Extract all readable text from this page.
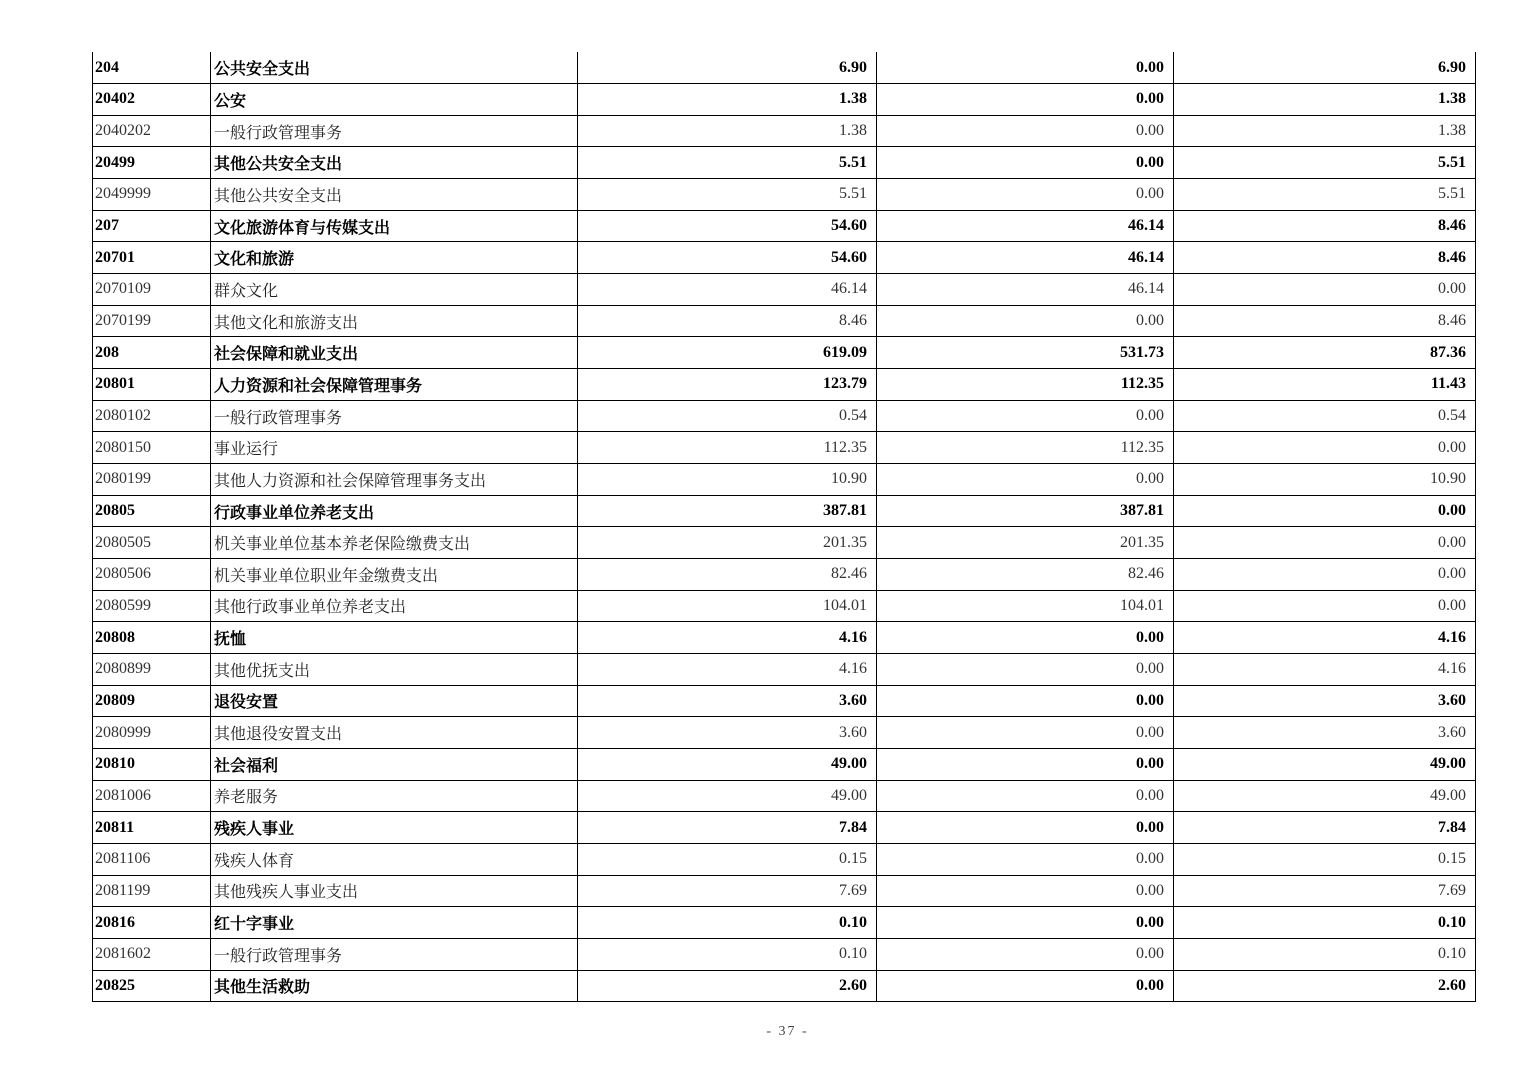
204	公共安全支出	6.90	0.00	6.90
20402	公安	1.38	0.00	1.38
2040202	一般行政管理事务	1.38	0.00	1.38
20499	其他公共安全支出	5.51	0.00	5.51
2049999	其他公共安全支出	5.51	0.00	5.51
207	文化旅游体育与传媒支出	54.60	46.14	8.46
20701	文化和旅游	54.60	46.14	8.46
2070109	群众文化	46.14	46.14	0.00
2070199	其他文化和旅游支出	8.46	0.00	8.46
208	社会保障和就业支出	619.09	531.73	87.36
20801	人力资源和社会保障管理事务	123.79	112.35	11.43
2080102	一般行政管理事务	0.54	0.00	0.54
2080150	事业运行	112.35	112.35	0.00
2080199	其他人力资源和社会保障管理事务支出	10.90	0.00	10.90
20805	行政事业单位养老支出	387.81	387.81	0.00
2080505	机关事业单位基本养老保险缴费支出	201.35	201.35	0.00
2080506	机关事业单位职业年金缴费支出	82.46	82.46	0.00
2080599	其他行政事业单位养老支出	104.01	104.01	0.00
20808	抚恤	4.16	0.00	4.16
2080899	其他优抚支出	4.16	0.00	4.16
20809	退役安置	3.60	0.00	3.60
2080999	其他退役安置支出	3.60	0.00	3.60
20810	社会福利	49.00	0.00	49.00
2081006	养老服务	49.00	0.00	49.00
20811	残疾人事业	7.84	0.00	7.84
2081106	残疾人体育	0.15	0.00	0.15
2081199	其他残疾人事业支出	7.69	0.00	7.69
20816	红十字事业	0.10	0.00	0.10
2081602	一般行政管理事务	0.10	0.00	0.10
20825	其他生活救助	2.60	0.00	2.60
- 37 -
